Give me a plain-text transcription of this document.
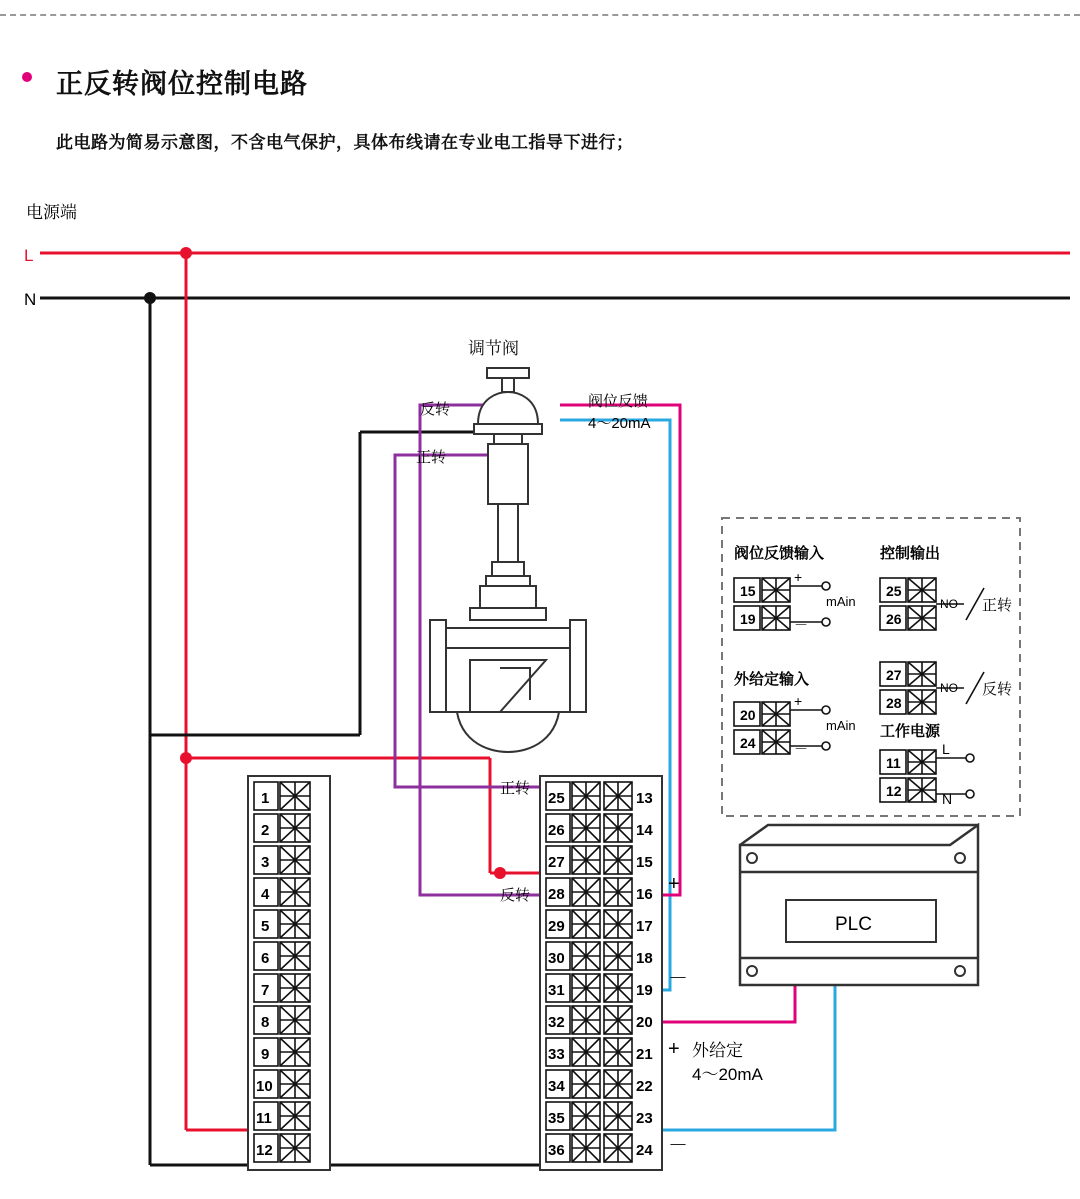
正反转阀位控制电路
此电路为简易示意图，不含电气保护，具体布线请在专业电工指导下进行；
电源端
L
N
调节阀
反转
正转
阀位反馈
4～20mA
阀位反馈输入	控制输出
外给定输入
工作电源
15
19
+
－
mAin
20
24
+
－
mAin
25
26
27
28
NO
NO
正转
反转
11
12
L
N
1
2
3
4
5
6
7
8
9
10
11
12
25
26
27
28
29
30
31
32
33
34
35
36
13
14
15
16
17
18
19
20
21
22
23
24
正转
反转
+
－
+
－
外给定
4～20mA
PLC
